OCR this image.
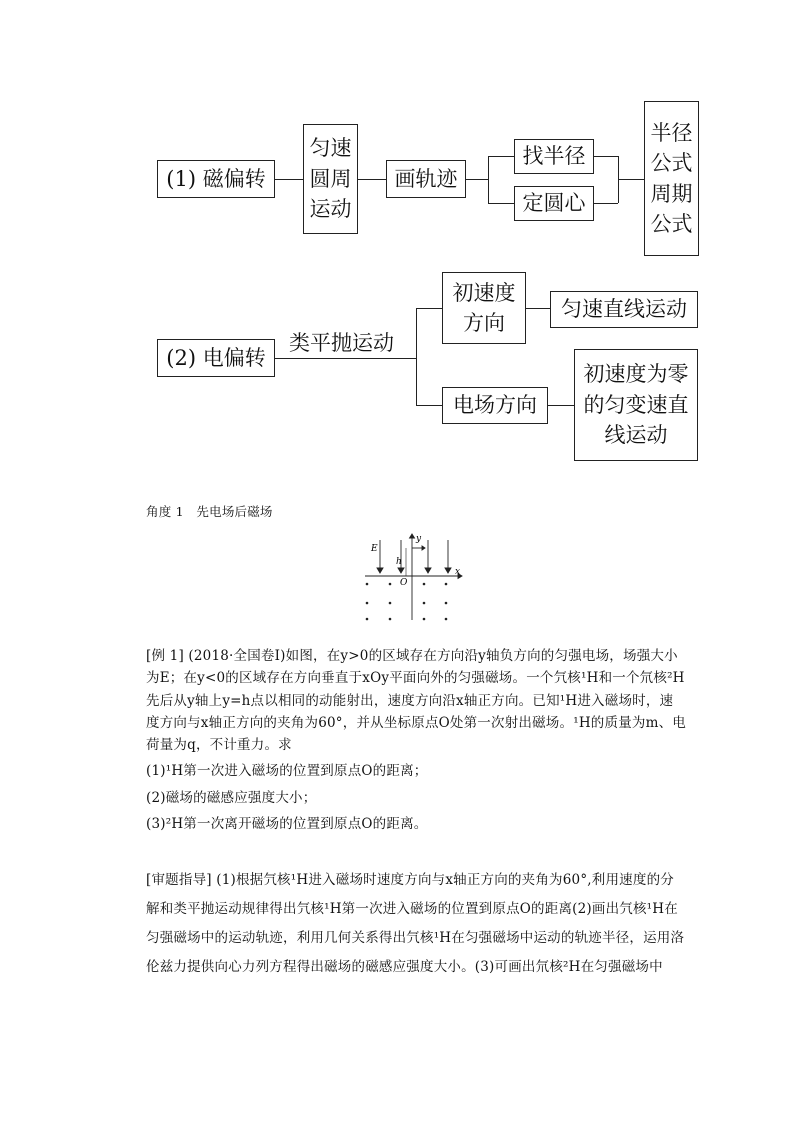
(1) 磁偏转
匀速
圆周
运动
画轨迹
找半径
定圆心
半径
公式
周期
公式
(2) 电偏转
类平抛运动
初速度
方向
匀速直线运动
电场方向
初速度为零
的匀变速直
线运动
角度 1　先电场后磁场
E
h
y
x
O

[例 1] (2018·全国卷Ⅰ)如图，在y>0的区域存在方向沿y轴负方向的匀强电场，场强大小为E；在y<0的区域存在方向垂直于xOy平面向外的匀强磁场。一个氕核¹H和一个氘核²H先后从y轴上y=h点以相同的动能射出，速度方向沿x轴正方向。已知¹H进入磁场时，速度方向与x轴正方向的夹角为60°，并从坐标原点O处第一次射出磁场。¹H的质量为m、电荷量为q，不计重力。求

(1)¹H第一次进入磁场的位置到原点O的距离；

(2)磁场的磁感应强度大小；

(3)²H第一次离开磁场的位置到原点O的距离。

[审题指导] (1)根据氕核¹H进入磁场时速度方向与x轴正方向的夹角为60°,利用速度的分解和类平抛运动规律得出氕核¹H第一次进入磁场的位置到原点O的距离(2)画出氕核¹H在匀强磁场中的运动轨迹，利用几何关系得出氕核¹H在匀强磁场中运动的轨迹半径，运用洛伦兹力提供向心力列方程得出磁场的磁感应强度大小。(3)可画出氘核²H在匀强磁场中
